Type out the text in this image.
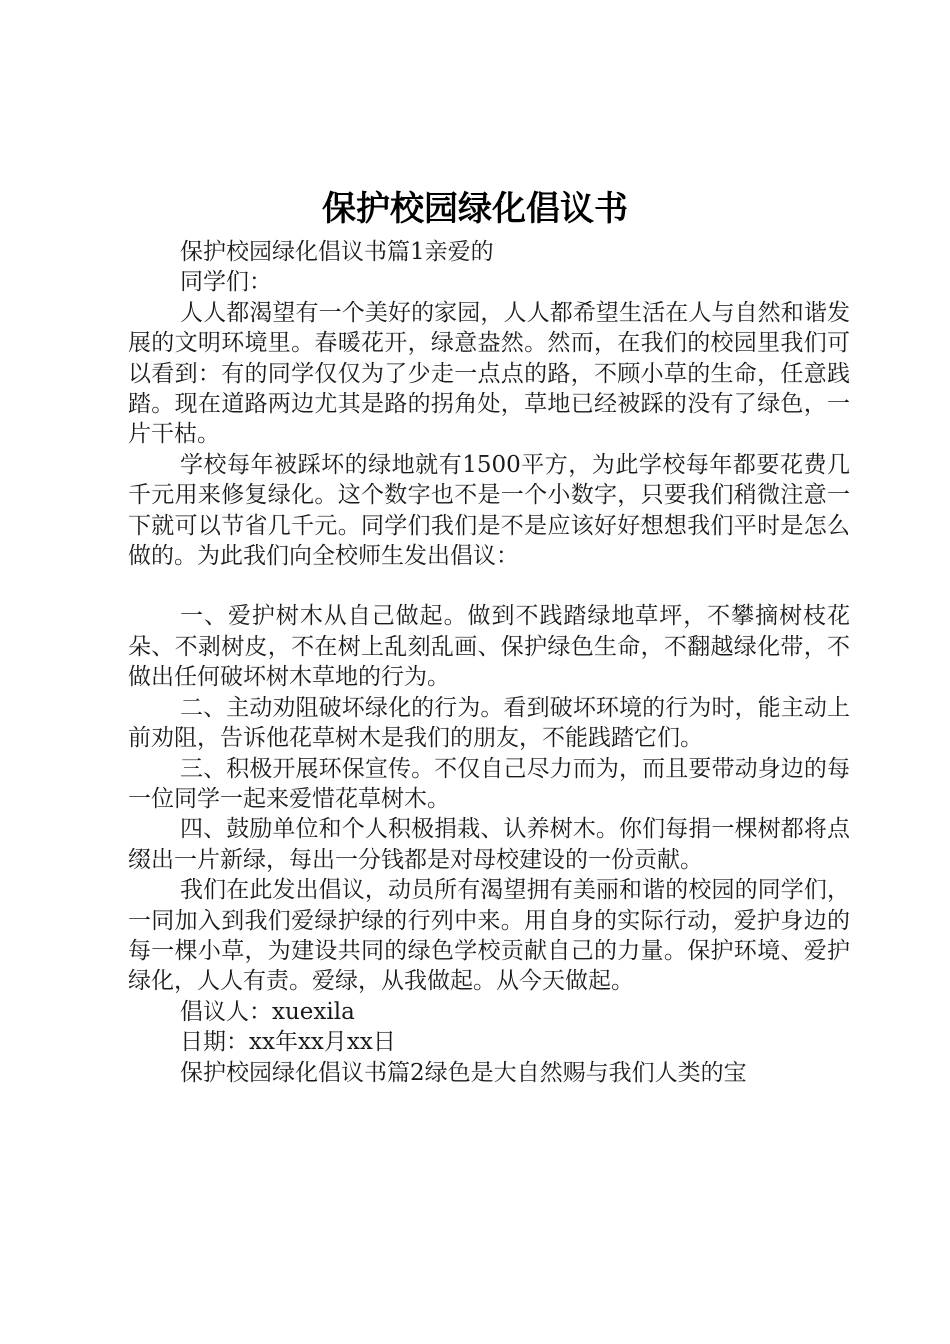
保护校园绿化倡议书

保护校园绿化倡议书篇1亲爱的

同学们：

人人都渴望有一个美好的家园，人人都希望生活在人与自然和谐发展的文明环境里。春暖花开，绿意盎然。然而，在我们的校园里我们可以看到：有的同学仅仅为了少走一点点的路，不顾小草的生命，任意践踏。现在道路两边尤其是路的拐角处，草地已经被踩的没有了绿色，一片干枯。

学校每年被踩坏的绿地就有1500平方，为此学校每年都要花费几千元用来修复绿化。这个数字也不是一个小数字，只要我们稍微注意一下就可以节省几千元。同学们我们是不是应该好好想想我们平时是怎么做的。为此我们向全校师生发出倡议：

一、爱护树木从自己做起。做到不践踏绿地草坪，不攀摘树枝花朵、不剥树皮，不在树上乱刻乱画、保护绿色生命，不翻越绿化带，不做出任何破坏树木草地的行为。

二、主动劝阻破坏绿化的行为。看到破坏环境的行为时，能主动上前劝阻，告诉他花草树木是我们的朋友，不能践踏它们。

三、积极开展环保宣传。不仅自己尽力而为，而且要带动身边的每一位同学一起来爱惜花草树木。

四、鼓励单位和个人积极捐栽、认养树木。你们每捐一棵树都将点缀出一片新绿，每出一分钱都是对母校建设的一份贡献。

我们在此发出倡议，动员所有渴望拥有美丽和谐的校园的同学们，一同加入到我们爱绿护绿的行列中来。用自身的实际行动，爱护身边的每一棵小草，为建设共同的绿色学校贡献自己的力量。保护环境、爱护绿化，人人有责。爱绿，从我做起。从今天做起。

倡议人：xuexila

日期：xx年xx月xx日

保护校园绿化倡议书篇2绿色是大自然赐与我们人类的宝
